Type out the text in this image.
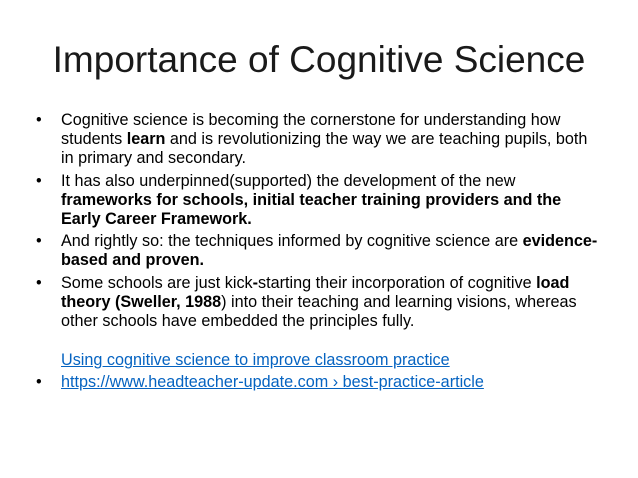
Importance of Cognitive Science
•	Cognitive science is becoming the cornerstone for understanding how students learn and is revolutionizing the way we are teaching pupils, both in primary and secondary.
•	It has also underpinned(supported) the development of the new frameworks for schools, initial teacher training providers and the Early Career Framework.
•	And rightly so: the techniques informed by cognitive science are evidence-based and proven.
•	Some schools are just kick-starting their incorporation of cognitive load theory (Sweller, 1988) into their teaching and learning visions, whereas other schools have embedded the principles fully.
Using cognitive science to improve classroom practice
•	https://www.headteacher-update.com › best-practice-article
